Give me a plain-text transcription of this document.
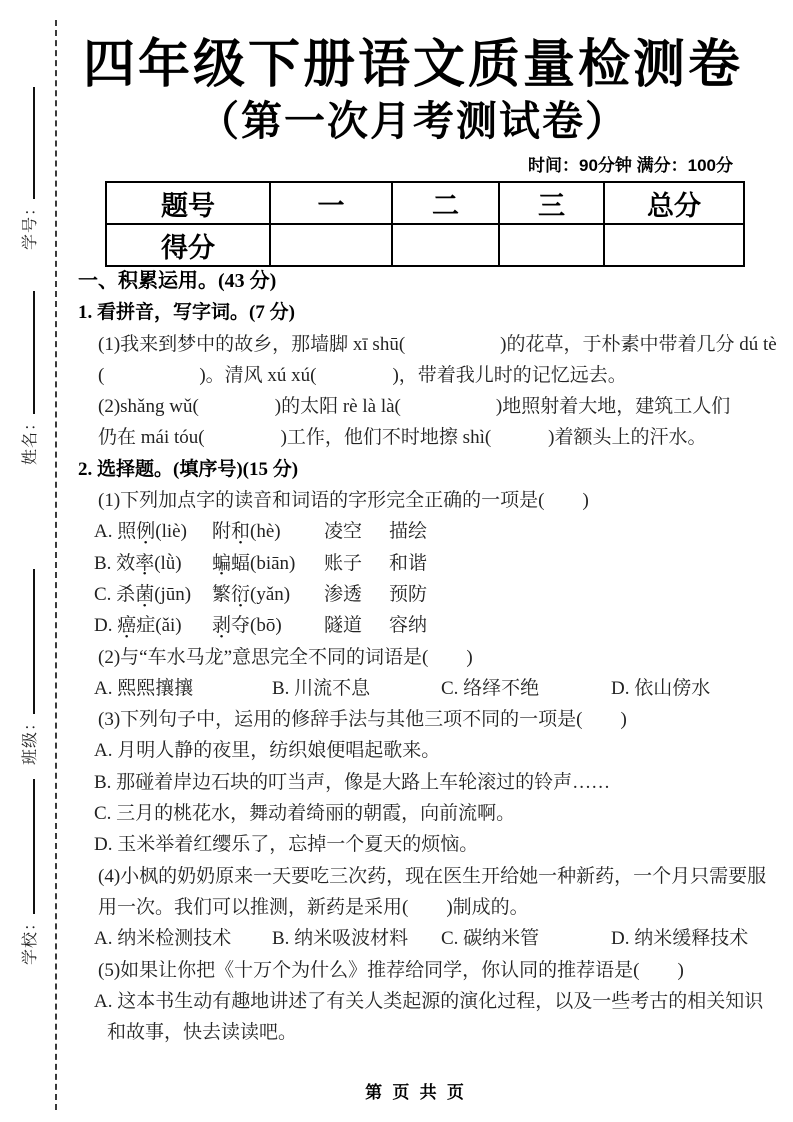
学号：
姓名：
班级：
学校：
四年级下册语文质量检测卷
（第一次月考测试卷）
时间：90分钟 满分：100分
题号	一	二	三	总分
得分				
一、积累运用。(43 分)
1. 看拼音，写字词。(7 分)
(1)我来到梦中的故乡，那墙脚 xī shū(　　　　　)的花草，于朴素中带着几分 dú tè
(　　　　　)。清风 xú xú(　　　　)，带着我儿时的记忆远去。
(2)shǎng wǔ(　　　　)的太阳 rè là là(　　　　　)地照射着大地，建筑工人们
仍在 mái tóu(　　　　)工作，他们不时地擦 shì(　　　)着额头上的汗水。
2. 选择题。(填序号)(15 分)
(1)下列加点字的读音和词语的字形完全正确的一项是(　　)
A. 照例(liè) 附和(hè) 凌空 描绘
B. 效率(lǜ) 蝙蝠(biān) 账子 和谐
C. 杀菌(jūn) 繁衍(yǎn) 渗透 预防
D. 癌症(ǎi) 剥夺(bō) 隧道 容纳
(2)与“车水马龙”意思完全不同的词语是(　　)
A. 熙熙攘攘	B. 川流不息	C. 络绎不绝	D. 依山傍水
(3)下列句子中，运用的修辞手法与其他三项不同的一项是(　　)
A. 月明人静的夜里，纺织娘便唱起歌来。
B. 那碰着岸边石块的叮当声，像是大路上车轮滚过的铃声……
C. 三月的桃花水，舞动着绮丽的朝霞，向前流啊。
D. 玉米举着红缨乐了，忘掉一个夏天的烦恼。
(4)小枫的奶奶原来一天要吃三次药，现在医生开给她一种新药，一个月只需要服
用一次。我们可以推测，新药是采用(　　)制成的。
A. 纳米检测技术 B. 纳米吸波材料 C. 碳纳米管	D. 纳米缓释技术
(5)如果让你把《十万个为什么》推荐给同学，你认同的推荐语是(　　)
A. 这本书生动有趣地讲述了有关人类起源的演化过程，以及一些考古的相关知识
和故事，快去读读吧。
第 页 共 页
